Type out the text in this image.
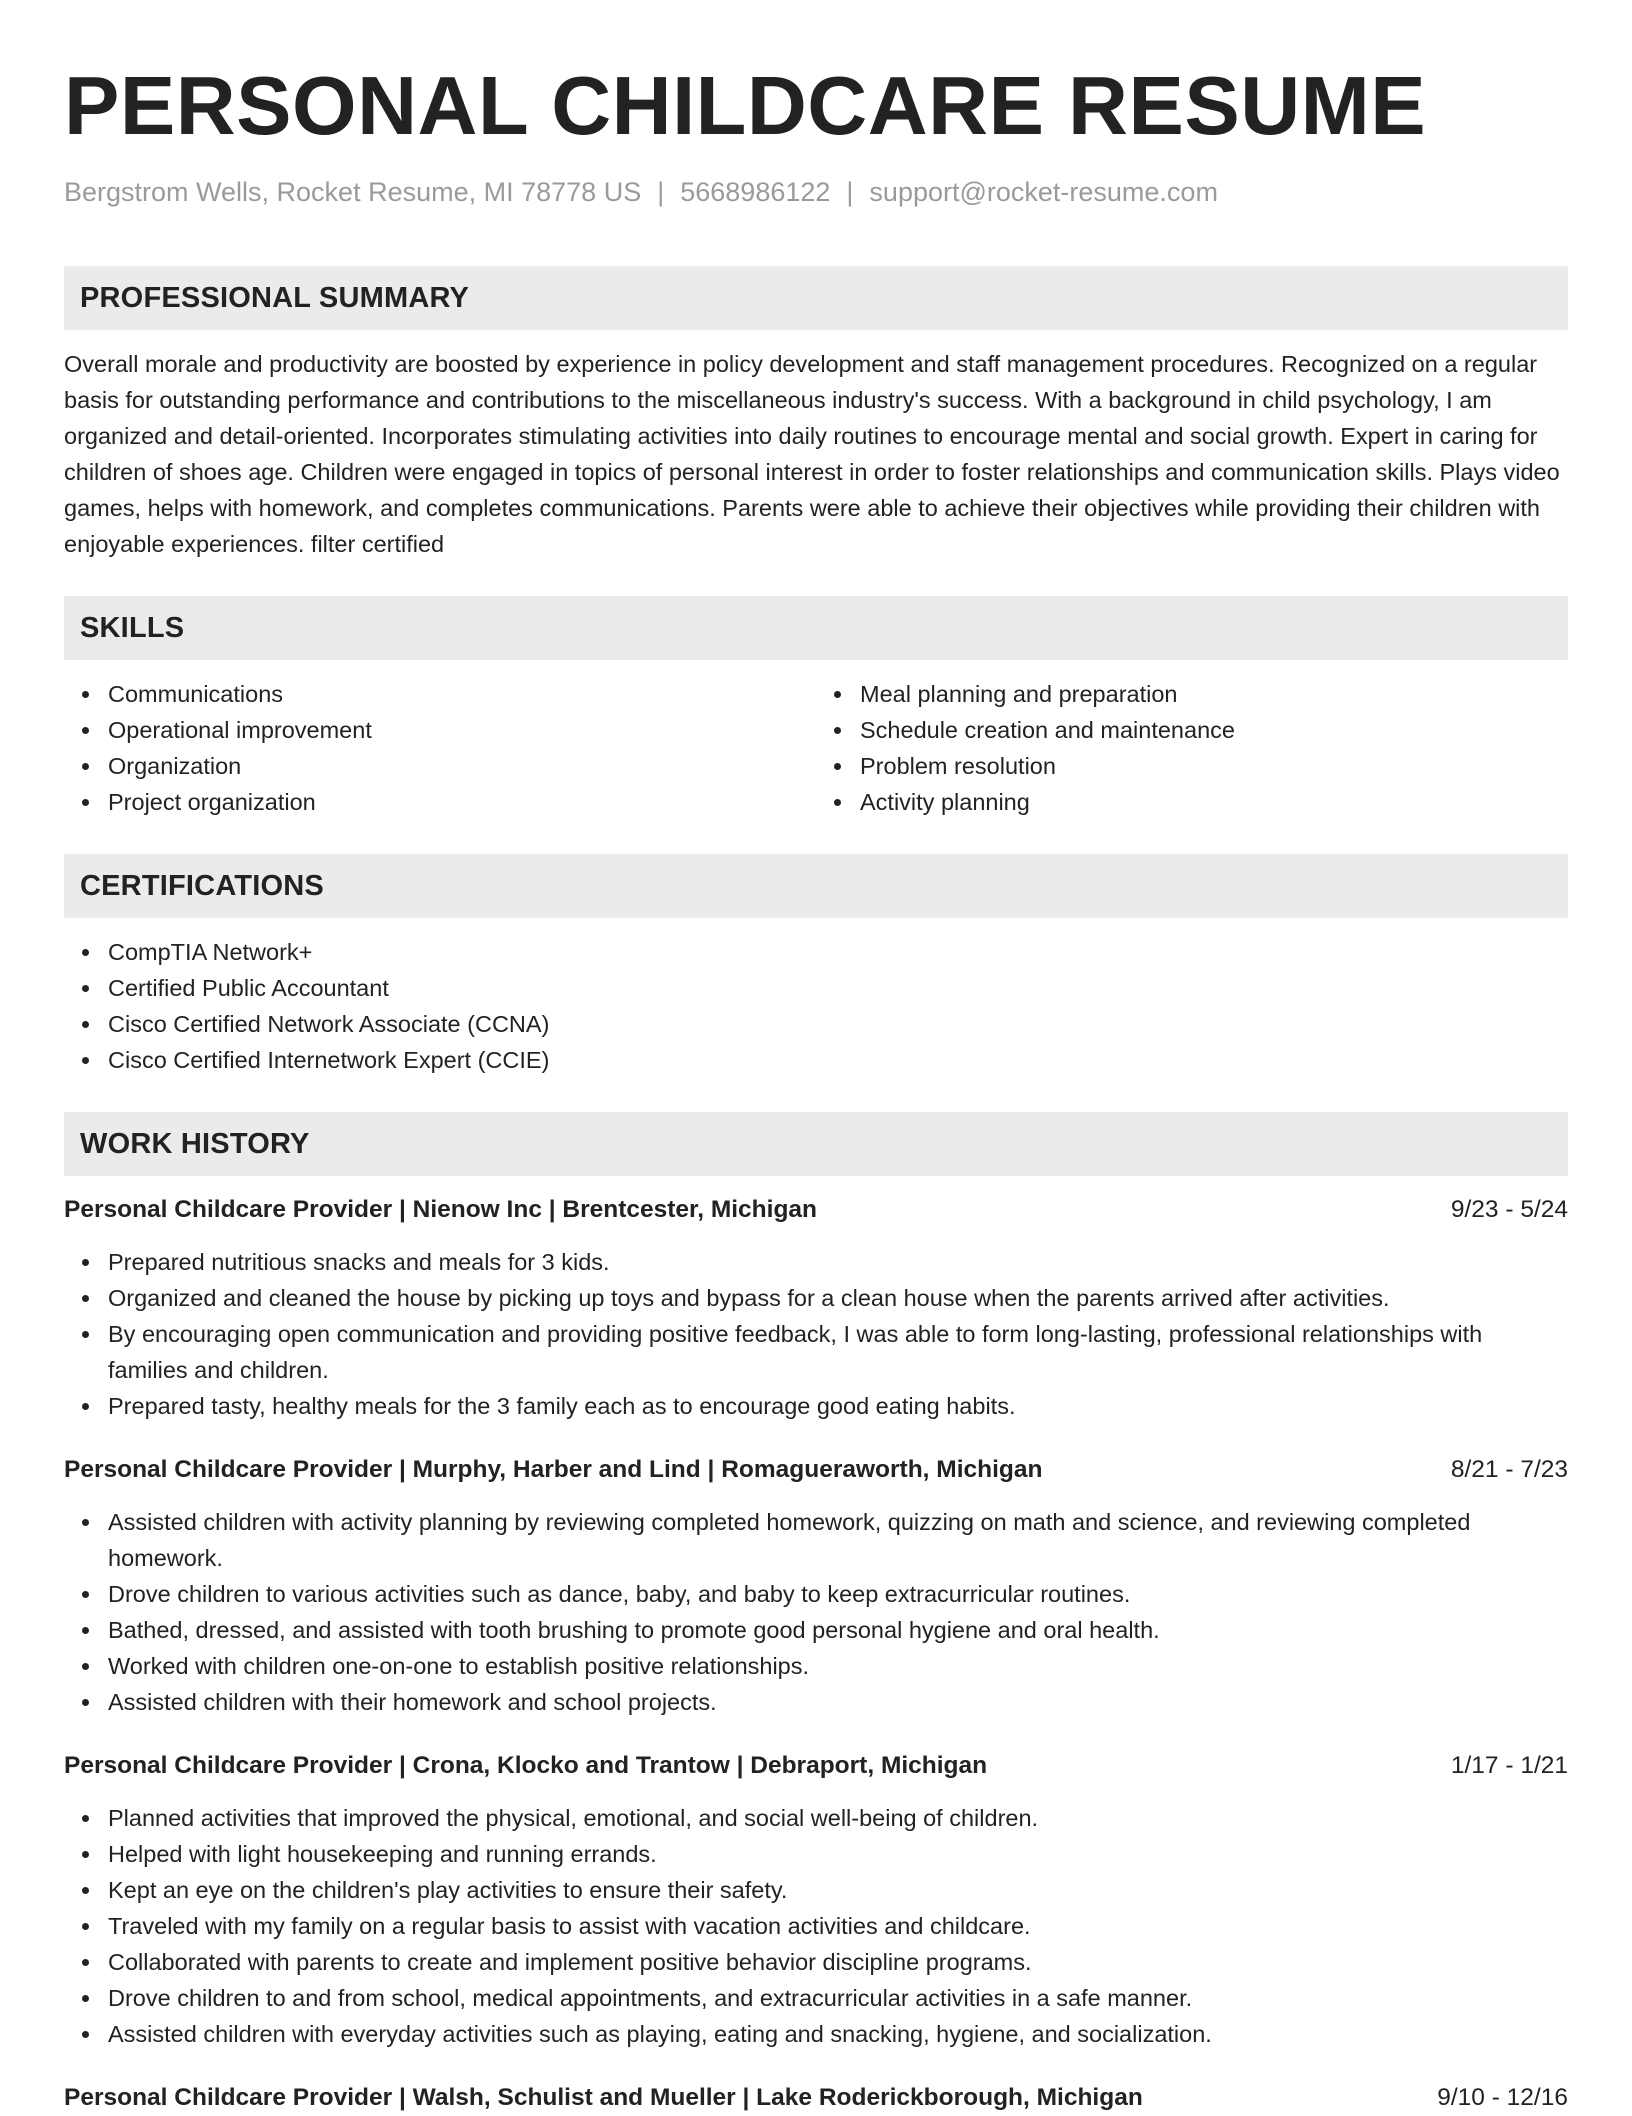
PERSONAL CHILDCARE RESUME
Bergstrom Wells, Rocket Resume, MI 78778 US | 5668986122 | support@rocket-resume.com
PROFESSIONAL SUMMARY

Overall morale and productivity are boosted by experience in policy development and staff management procedures. Recognized on a regular basis for outstanding performance and contributions to the miscellaneous industry's success. With a background in child psychology, I am organized and detail-oriented. Incorporates stimulating activities into daily routines to encourage mental and social growth. Expert in caring for children of shoes age. Children were engaged in topics of personal interest in order to foster relationships and communication skills. Plays video games, helps with homework, and completes communications. Parents were able to achieve their objectives while providing their children with enjoyable experiences. filter certified

SKILLS
Communications
Operational improvement
Organization
Project organization
Meal planning and preparation
Schedule creation and maintenance
Problem resolution
Activity planning
CERTIFICATIONS
CompTIA Network+
Certified Public Accountant
Cisco Certified Network Associate (CCNA)
Cisco Certified Internetwork Expert (CCIE)
WORK HISTORY
Personal Childcare Provider | Nienow Inc | Brentcester, Michigan	9/23 - 5/24
Prepared nutritious snacks and meals for 3 kids.
Organized and cleaned the house by picking up toys and bypass for a clean house when the parents arrived after activities.
By encouraging open communication and providing positive feedback, I was able to form long-lasting, professional relationships with families and children.
Prepared tasty, healthy meals for the 3 family each as to encourage good eating habits.
Personal Childcare Provider | Murphy, Harber and Lind | Romagueraworth, Michigan	8/21 - 7/23
Assisted children with activity planning by reviewing completed homework, quizzing on math and science, and reviewing completed homework.
Drove children to various activities such as dance, baby, and baby to keep extracurricular routines.
Bathed, dressed, and assisted with tooth brushing to promote good personal hygiene and oral health.
Worked with children one-on-one to establish positive relationships.
Assisted children with their homework and school projects.
Personal Childcare Provider | Crona, Klocko and Trantow | Debraport, Michigan	1/17 - 1/21
Planned activities that improved the physical, emotional, and social well-being of children.
Helped with light housekeeping and running errands.
Kept an eye on the children's play activities to ensure their safety.
Traveled with my family on a regular basis to assist with vacation activities and childcare.
Collaborated with parents to create and implement positive behavior discipline programs.
Drove children to and from school, medical appointments, and extracurricular activities in a safe manner.
Assisted children with everyday activities such as playing, eating and snacking, hygiene, and socialization.
Personal Childcare Provider | Walsh, Schulist and Mueller | Lake Roderickborough, Michigan	9/10 - 12/16
